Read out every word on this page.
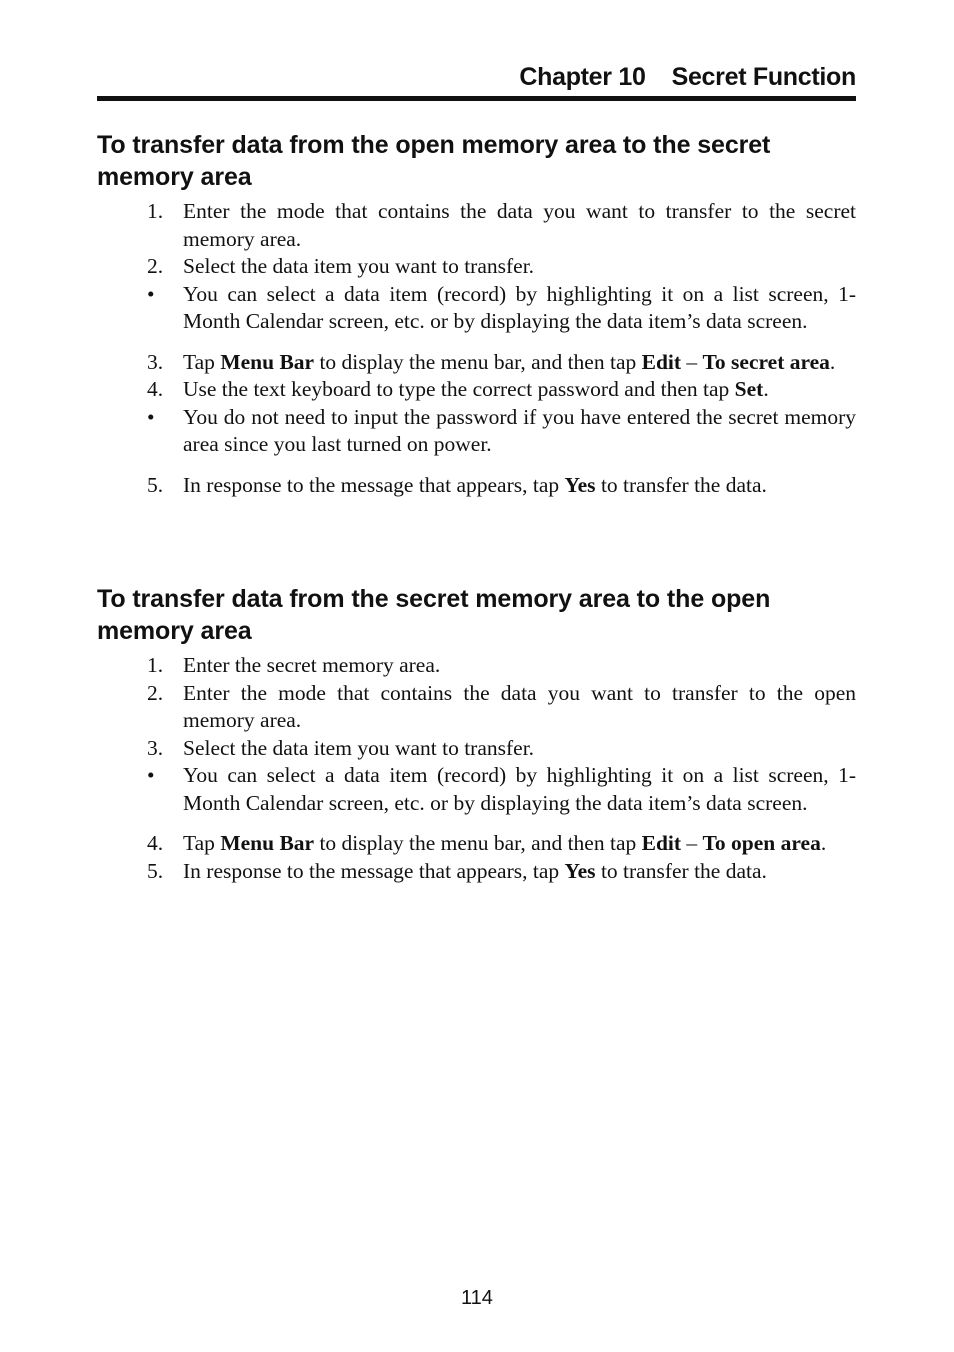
Chapter 10 Secret Function
To transfer data from the open memory area to the secret
memory area
1. Enter the mode that contains the data you want to transfer to the secret memory area.
2. Select the data item you want to transfer.
• You can select a data item (record) by highlighting it on a list screen, 1-Month Calendar screen, etc. or by displaying the data item’s data screen.
3. Tap Menu Bar to display the menu bar, and then tap Edit – To secret area.
4. Use the text keyboard to type the correct password and then tap Set.
• You do not need to input the password if you have entered the secret memory area since you last turned on power.
5. In response to the message that appears, tap Yes to transfer the data.
To transfer data from the secret memory area to the open
memory area
1. Enter the secret memory area.
2. Enter the mode that contains the data you want to transfer to the open memory area.
3. Select the data item you want to transfer.
• You can select a data item (record) by highlighting it on a list screen, 1-Month Calendar screen, etc. or by displaying the data item’s data screen.
4. Tap Menu Bar to display the menu bar, and then tap Edit – To open area.
5. In response to the message that appears, tap Yes to transfer the data.
114
